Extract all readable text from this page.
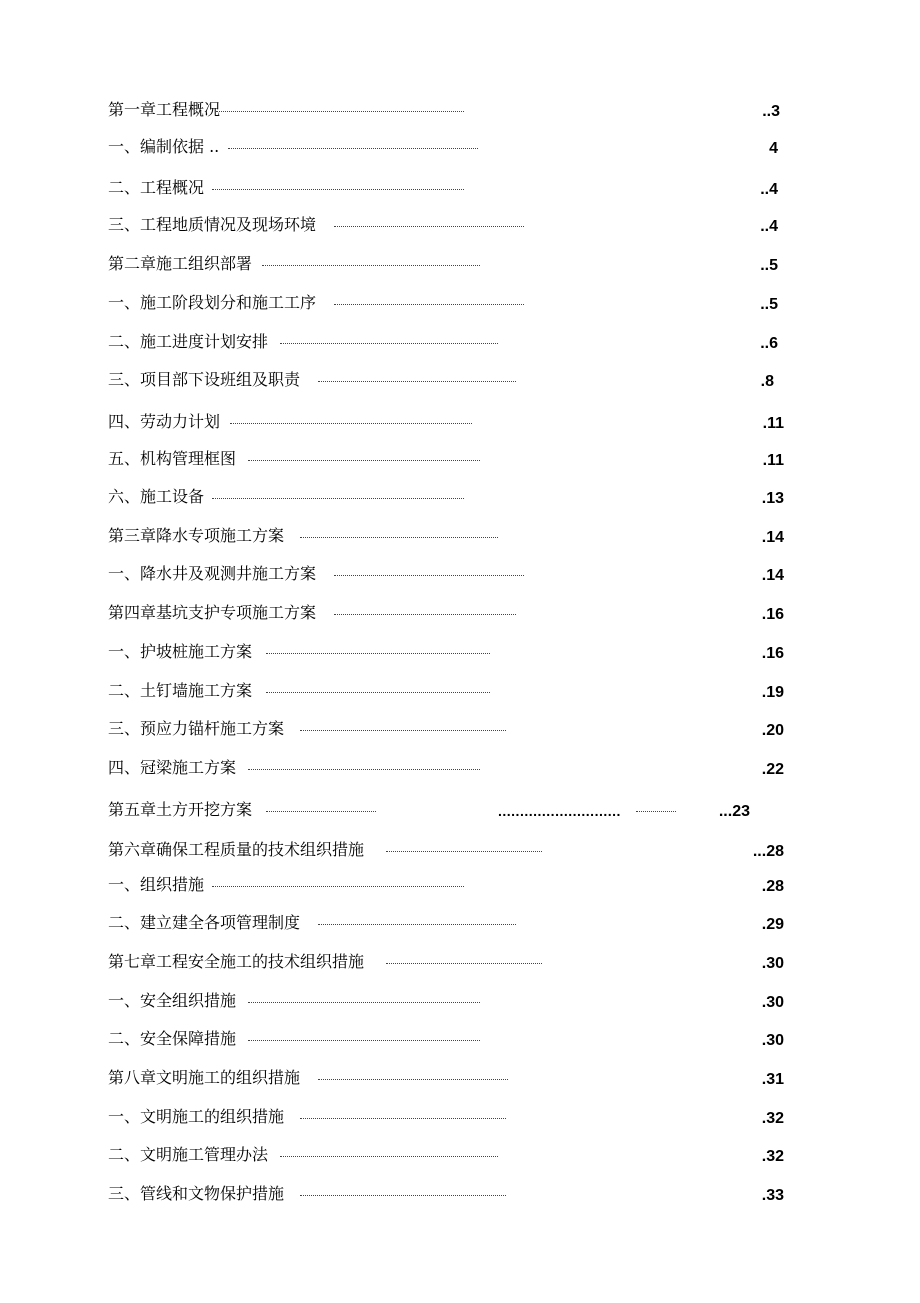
第一章工程概况	..3
一、编制依据 ..	4
二、工程概况	..4
三、工程地质情况及现场环境	..4
第二章施工组织部署	..5
一、施工阶段划分和施工工序	..5
二、施工进度计划安排	..6
三、项目部下设班组及职责	.8
四、劳动力计划	.11
五、机构管理框图	.11
六、施工设备	.13
第三章降水专项施工方案	.14
一、降水井及观测井施工方案	.14
第四章基坑支护专项施工方案	.16
一、护坡桩施工方案	.16
二、土钉墙施工方案	.19
三、预应力锚杆施工方案	.20
四、冠梁施工方案	.22
第五章土方开挖方案	............................	...23
第六章确保工程质量的技术组织措施	...28
一、组织措施	.28
二、建立建全各项管理制度	.29
第七章工程安全施工的技术组织措施	.30
一、安全组织措施	.30
二、安全保障措施	.30
第八章文明施工的组织措施	.31
一、文明施工的组织措施	.32
二、文明施工管理办法	.32
三、管线和文物保护措施	.33
